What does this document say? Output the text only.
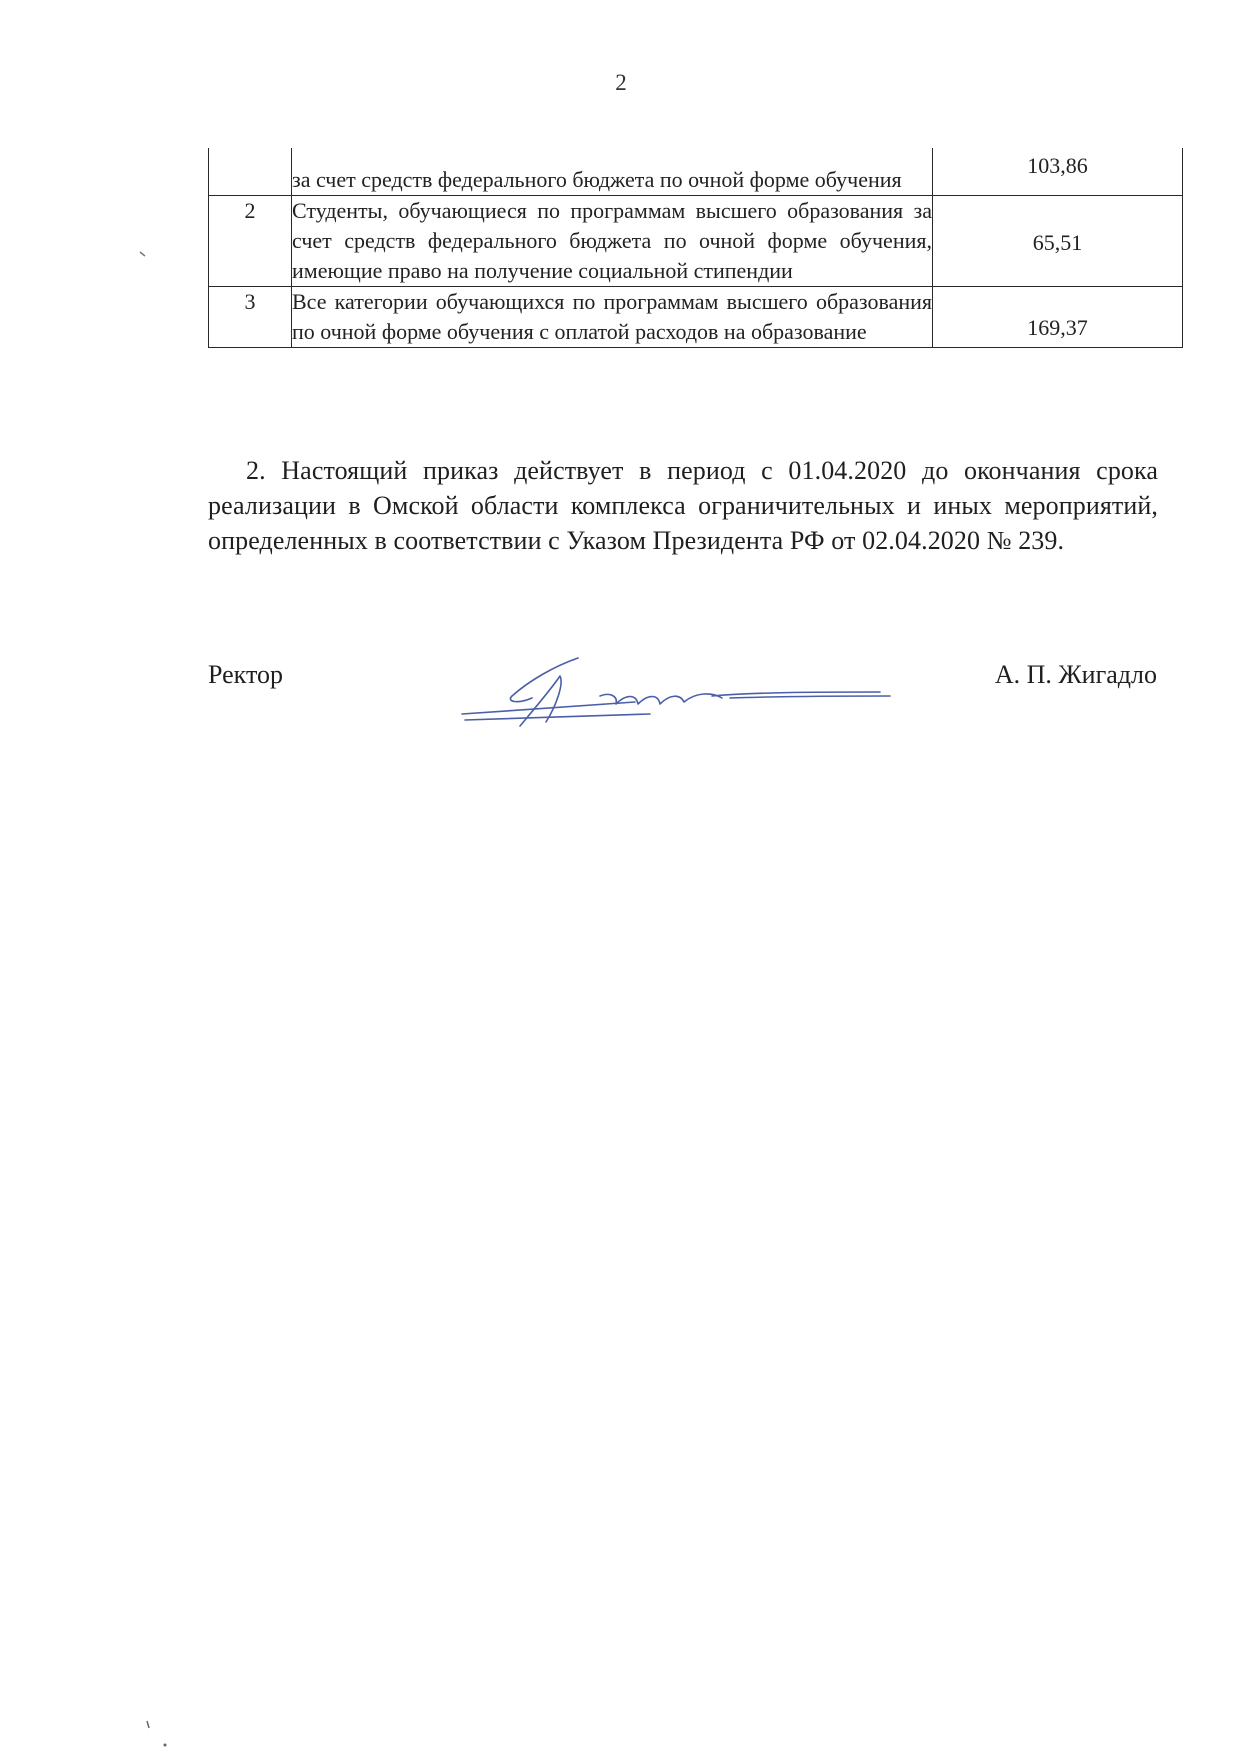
2
	за счет средств федерального бюджета по очной форме обучения	103,86
2	Студенты, обучающиеся по программам высшего образования за счет средств федерального бюджета по очной форме обучения, имеющие право на получение социальной стипендии	65,51
3	Все категории обучающихся по программам высшего образования по очной форме обучения с оплатой расходов на образование	169,37
2. Настоящий приказ действует в период с 01.04.2020 до окончания срока реализации в Омской области комплекса ограничительных и иных мероприятий, определенных в соответствии с Указом Президента РФ от 02.04.2020 № 239.
Ректор	А. П. Жигадло
